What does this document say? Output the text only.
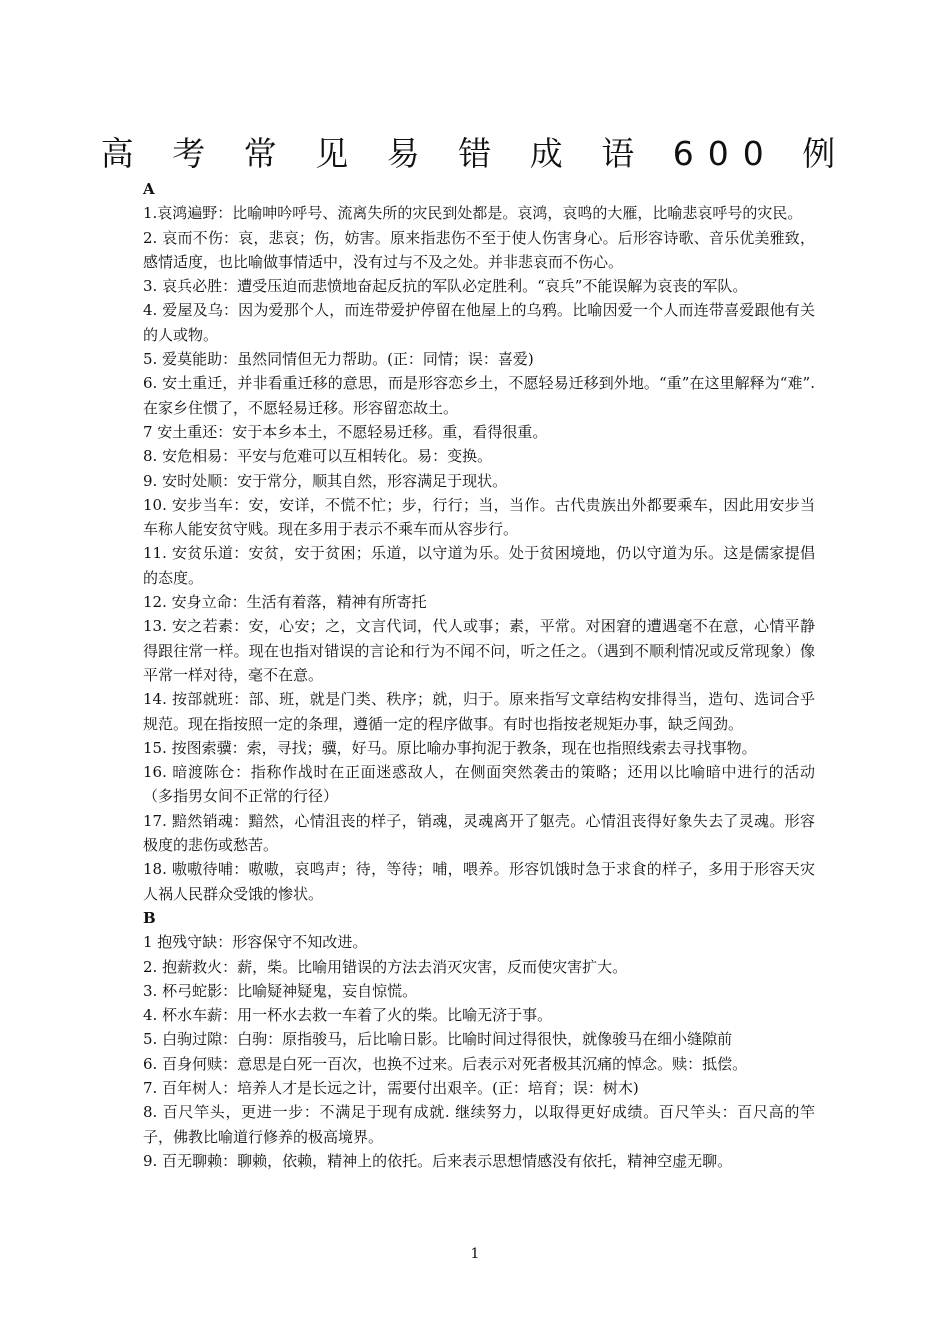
高 考 常 见 易 错 成 语 600 例
A

1.哀鸿遍野：比喻呻吟呼号、流离失所的灾民到处都是。哀鸿，哀鸣的大雁，比喻悲哀呼号的灾民。

2. 哀而不伤：哀，悲哀；伤，妨害。原来指悲伤不至于使人伤害身心。后形容诗歌、音乐优美雅致，感情适度，也比喻做事情适中，没有过与不及之处。并非悲哀而不伤心。

3. 哀兵必胜：遭受压迫而悲愤地奋起反抗的军队必定胜利。“哀兵”不能误解为哀丧的军队。

4. 爱屋及乌：因为爱那个人，而连带爱护停留在他屋上的乌鸦。比喻因爱一个人而连带喜爱跟他有关的人或物。

5. 爱莫能助：虽然同情但无力帮助。(正：同情；误：喜爱)

6. 安土重迁，并非看重迁移的意思，而是形容恋乡土，不愿轻易迁移到外地。“重”在这里解释为“难”. 在家乡住惯了，不愿轻易迁移。形容留恋故土。

7 安土重还：安于本乡本土，不愿轻易迁移。重，看得很重。

8. 安危相易：平安与危难可以互相转化。易：变换。

9. 安时处顺：安于常分，顺其自然，形容满足于现状。

10. 安步当车：安，安详，不慌不忙；步，行行；当，当作。古代贵族出外都要乘车，因此用安步当车称人能安贫守贱。现在多用于表示不乘车而从容步行。

11. 安贫乐道：安贫，安于贫困；乐道，以守道为乐。处于贫困境地，仍以守道为乐。这是儒家提倡的态度。

12. 安身立命：生活有着落，精神有所寄托

13. 安之若素：安，心安；之，文言代词，代人或事；素，平常。对困窘的遭遇毫不在意，心情平静得跟往常一样。现在也指对错误的言论和行为不闻不问，听之任之。（遇到不顺利情况或反常现象）像平常一样对待，毫不在意。

14. 按部就班：部、班，就是门类、秩序；就，归于。原来指写文章结构安排得当，造句、选词合乎规范。现在指按照一定的条理，遵循一定的程序做事。有时也指按老规矩办事，缺乏闯劲。

15. 按图索骥：索，寻找；骥，好马。原比喻办事拘泥于教条，现在也指照线索去寻找事物。

16. 暗渡陈仓：指称作战时在正面迷惑敌人，在侧面突然袭击的策略；还用以比喻暗中进行的活动（多指男女间不正常的行径）

17. 黯然销魂：黯然，心情沮丧的样子，销魂，灵魂离开了躯壳。心情沮丧得好象失去了灵魂。形容极度的悲伤或愁苦。

18. 嗷嗷待哺：嗷嗷，哀鸣声；待，等待；哺，喂养。形容饥饿时急于求食的样子，多用于形容天灾人祸人民群众受饿的惨状。

B

1 抱残守缺：形容保守不知改进。

2. 抱薪救火：薪，柴。比喻用错误的方法去消灭灾害，反而使灾害扩大。

3. 杯弓蛇影：比喻疑神疑鬼，妄自惊慌。

4. 杯水车薪：用一杯水去救一车着了火的柴。比喻无济于事。

5. 白驹过隙：白驹：原指骏马，后比喻日影。比喻时间过得很快，就像骏马在细小缝隙前

6. 百身何赎：意思是白死一百次，也换不过来。后表示对死者极其沉痛的悼念。赎：抵偿。

7. 百年树人：培养人才是长远之计，需要付出艰辛。(正：培育；误：树木)

8. 百尺竿头，更进一步：不满足于现有成就. 继续努力，以取得更好成绩。百尺竿头：百尺高的竿子，佛教比喻道行修养的极高境界。

9. 百无聊赖：聊赖，依赖，精神上的依托。后来表示思想情感没有依托，精神空虚无聊。

1
